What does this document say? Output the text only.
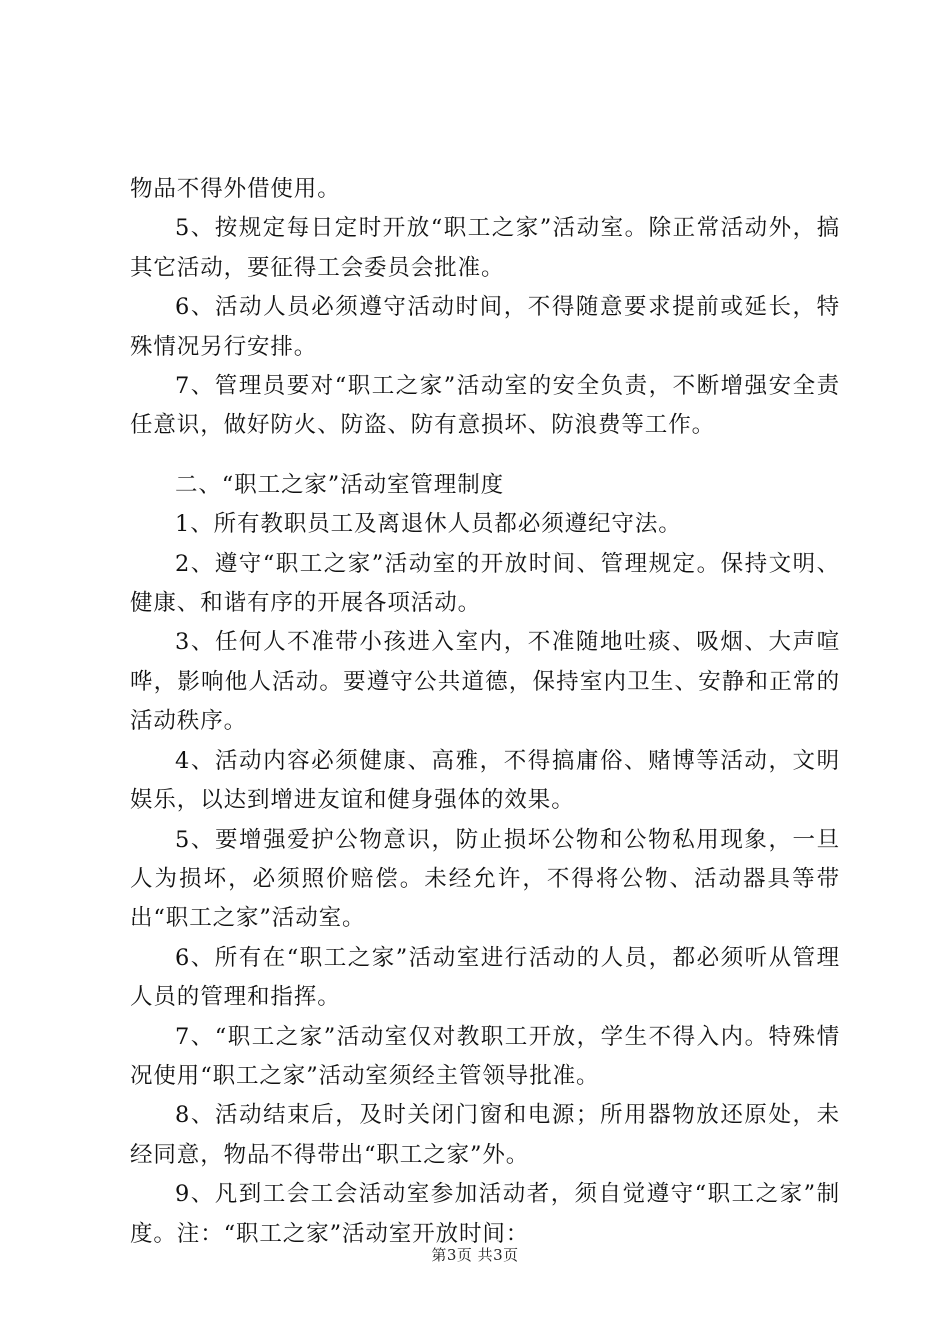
物品不得外借使用。

5、按规定每日定时开放“职工之家”活动室。除正常活动外，搞其它活动，要征得工会委员会批准。

6、活动人员必须遵守活动时间，不得随意要求提前或延长，特殊情况另行安排。

7、管理员要对“职工之家”活动室的安全负责，不断增强安全责任意识，做好防火、防盗、防有意损坏、防浪费等工作。

二、“职工之家”活动室管理制度

1、所有教职员工及离退休人员都必须遵纪守法。

2、遵守“职工之家”活动室的开放时间、管理规定。保持文明、健康、和谐有序的开展各项活动。

3、任何人不准带小孩进入室内，不准随地吐痰、吸烟、大声喧哗，影响他人活动。要遵守公共道德，保持室内卫生、安静和正常的活动秩序。

4、活动内容必须健康、高雅，不得搞庸俗、赌博等活动，文明娱乐，以达到增进友谊和健身强体的效果。

5、要增强爱护公物意识，防止损坏公物和公物私用现象，一旦人为损坏，必须照价赔偿。未经允许，不得将公物、活动器具等带出“职工之家”活动室。

6、所有在“职工之家”活动室进行活动的人员，都必须听从管理人员的管理和指挥。

7、“职工之家”活动室仅对教职工开放，学生不得入内。特殊情况使用“职工之家”活动室须经主管领导批准。

8、活动结束后，及时关闭门窗和电源；所用器物放还原处，未经同意，物品不得带出“职工之家”外。

9、凡到工会工会活动室参加活动者，须自觉遵守“职工之家”制度。注：“职工之家”活动室开放时间：

第3页 共3页
